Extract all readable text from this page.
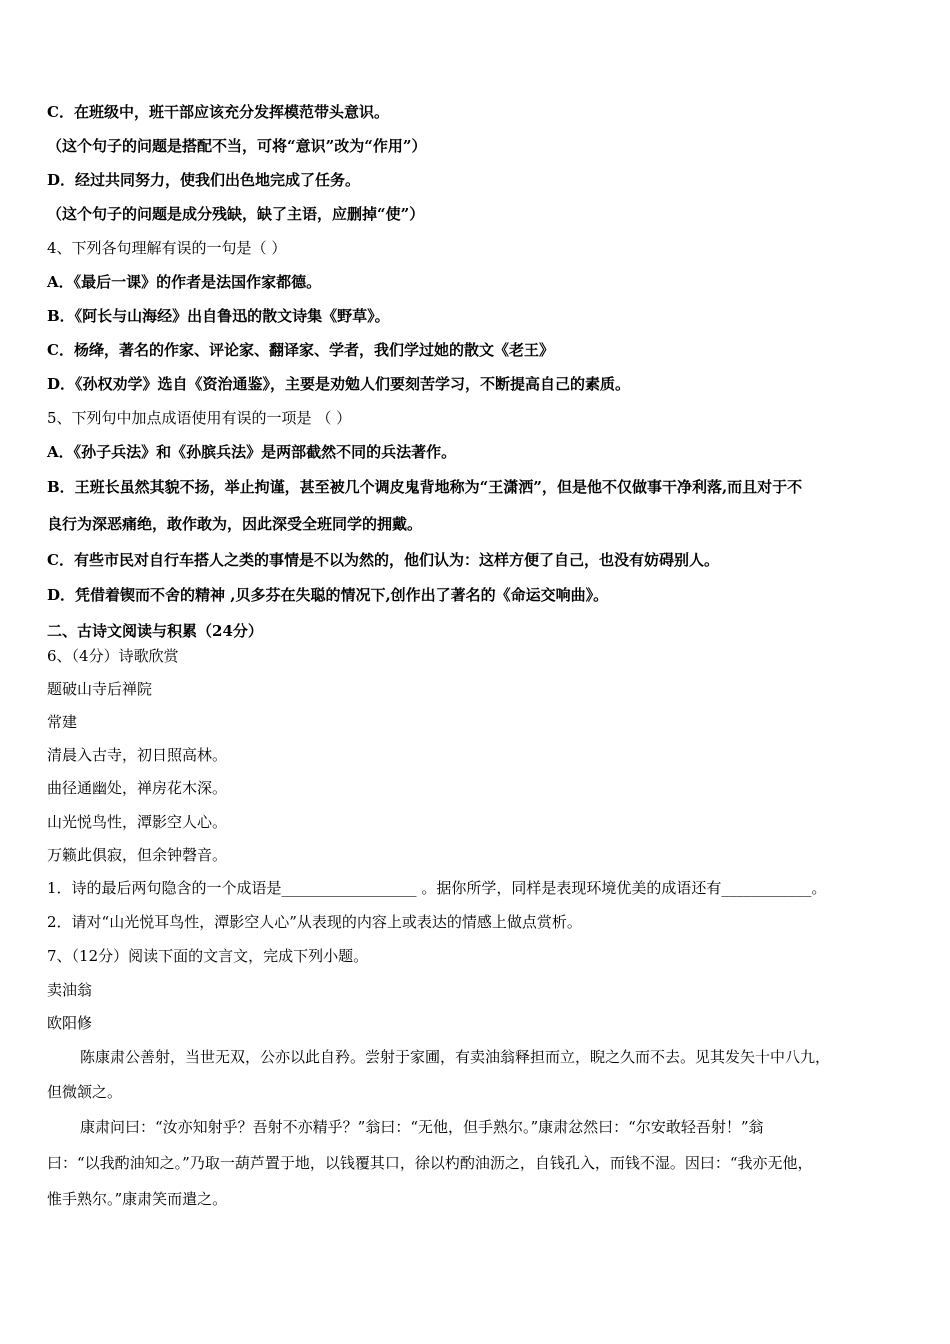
C．在班级中，班干部应该充分发挥模范带头意识。
（这个句子的问题是搭配不当，可将“意识”改为“作用”）
D．经过共同努力，使我们出色地完成了任务。
（这个句子的问题是成分残缺，缺了主语，应删掉“使”）
4、下列各句理解有误的一句是（ ）
A．《最后一课》的作者是法国作家都德。
B．《阿长与山海经》出自鲁迅的散文诗集《野草》。
C．杨绛，著名的作家、评论家、翻译家、学者，我们学过她的散文《老王》
D．《孙权劝学》选自《资治通鉴》，主要是劝勉人们要刻苦学习，不断提高自己的素质。
5、下列句中加点成语使用有误的一项是 （ ）
A．《孙子兵法》和《孙膑兵法》是两部截然不同的兵法著作。
B．王班长虽然其貌不扬，举止拘谨，甚至被几个调皮鬼背地称为“王潇洒”，但是他不仅做事干净利落,而且对于不
良行为深恶痛绝，敢作敢为，因此深受全班同学的拥戴。
C．有些市民对自行车搭人之类的事情是不以为然的，他们认为：这样方便了自己，也没有妨碍别人。
D．凭借着锲而不舍的精神 ,贝多芬在失聪的情况下,创作出了著名的《命运交响曲》。
二、古诗文阅读与积累（24分）
6、（4分）诗歌欣赏
题破山寺后禅院
常建
清晨入古寺，初日照高林。
曲径通幽处，禅房花木深。
山光悦鸟性，潭影空人心。
万籁此俱寂，但余钟磬音。
1．诗的最后两句隐含的一个成语是__________________ 。据你所学，同样是表现环境优美的成语还有____________。
2．请对“山光悦耳鸟性，潭影空人心”从表现的内容上或表达的情感上做点赏析。
7、（12分）阅读下面的文言文，完成下列小题。
卖油翁
欧阳修
陈康肃公善射，当世无双，公亦以此自矜。尝射于家圃，有卖油翁释担而立，睨之久而不去。见其发矢十中八九，
但微颔之。
康肃问曰：“汝亦知射乎？吾射不亦精乎？”翁曰：“无他，但手熟尔。”康肃忿然曰：“尔安敢轻吾射！”翁
曰：“以我酌油知之。”乃取一葫芦置于地，以钱覆其口，徐以杓酌油沥之，自钱孔入，而钱不湿。因曰：“我亦无他，
惟手熟尔。”康肃笑而遣之。
